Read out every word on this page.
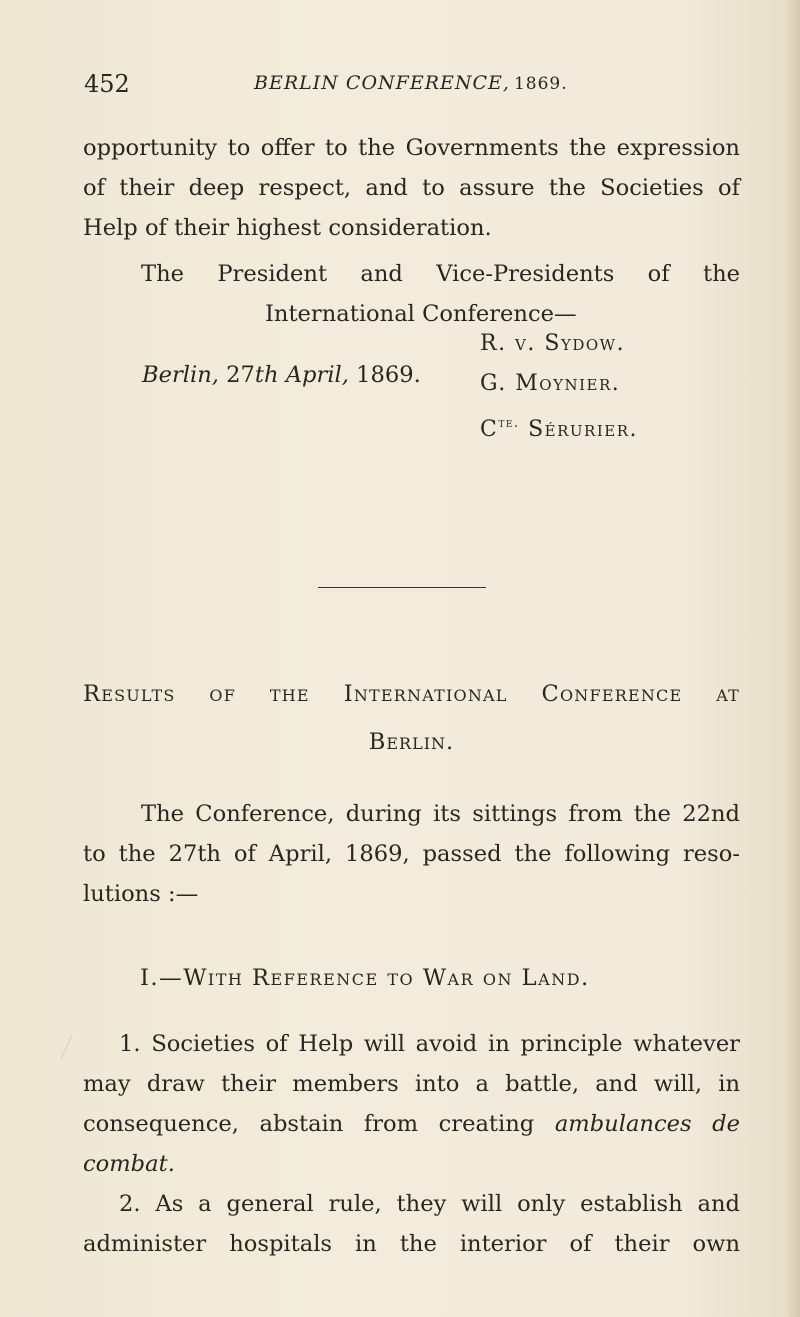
452	BERLIN CONFERENCE, 1869.
opportunity to offer to the Governments the expression
of their deep respect, and to assure the Societies of
Help of their highest consideration.
The President and Vice-Presidents of the
International Conference—
R. v. Sydow.
G. Moynier.
$C^{te.}$ Sérurier.
Berlin, 27th April, 1869.
Results of the International Conference at
Berlin.
The Conference, during its sittings from the 22nd
to the 27th of April, 1869, passed the following reso-
lutions :—
I.—With Reference to War on Land.
1. Societies of Help will avoid in principle whatever
may draw their members into a battle, and will, in
consequence, abstain from creating ambulances de
combat.
2. As a general rule, they will only establish and
administer hospitals in the interior of their own
